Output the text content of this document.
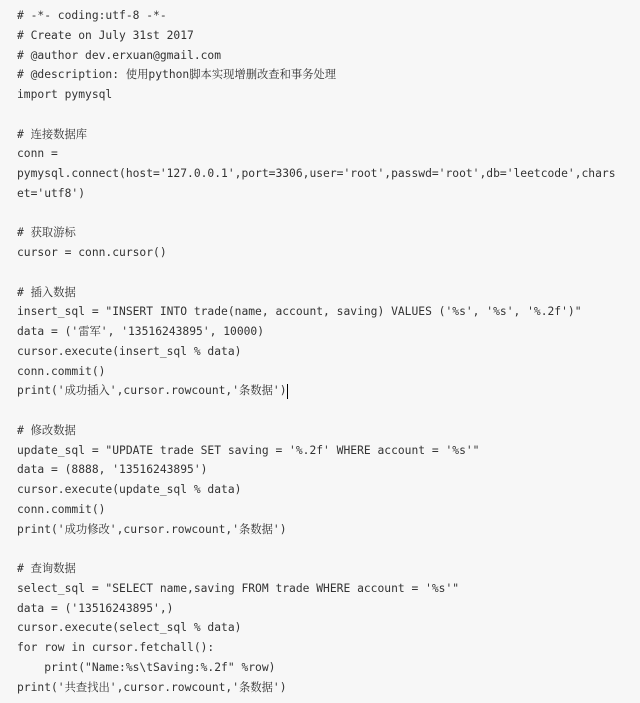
# -*- coding:utf-8 -*-
# Create on July 31st 2017
# @author dev.erxuan@gmail.com
# @description: 使用python脚本实现增删改查和事务处理
import pymysql
# 连接数据库
conn =
pymysql.connect(host='127.0.0.1',port=3306,user='root',passwd='root',db='leetcode',chars
et='utf8')
# 获取游标
cursor = conn.cursor()
# 插入数据
insert_sql = "INSERT INTO trade(name, account, saving) VALUES ('%s', '%s', '%.2f')"
data = ('雷军', '13516243895', 10000)
cursor.execute(insert_sql % data)
conn.commit()
print('成功插入',cursor.rowcount,'条数据')
# 修改数据
update_sql = "UPDATE trade SET saving = '%.2f' WHERE account = '%s'"
data = (8888, '13516243895')
cursor.execute(update_sql % data)
conn.commit()
print('成功修改',cursor.rowcount,'条数据')
# 查询数据
select_sql = "SELECT name,saving FROM trade WHERE account = '%s'"
data = ('13516243895',)
cursor.execute(select_sql % data)
for row in cursor.fetchall():
print("Name:%s\tSaving:%.2f" %row)
print('共查找出',cursor.rowcount,'条数据')
